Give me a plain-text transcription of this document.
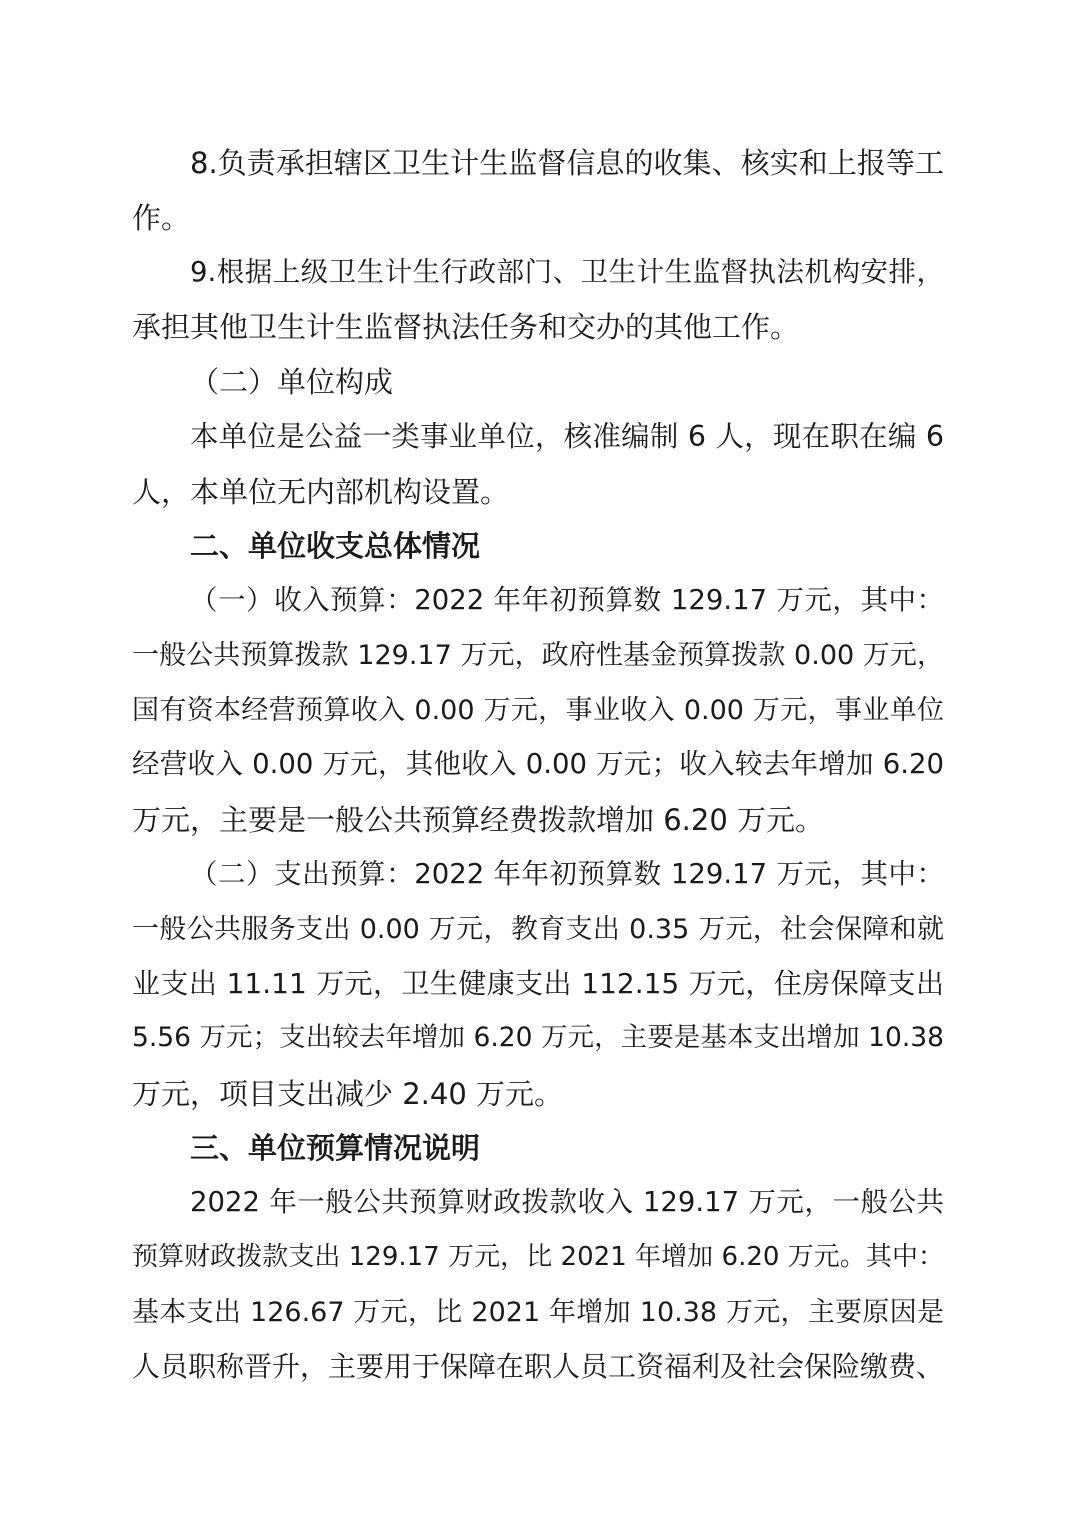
8.负责承担辖区卫生计生监督信息的收集、核实和上报等工
作。
9.根据上级卫生计生行政部门、卫生计生监督执法机构安排，
承担其他卫生计生监督执法任务和交办的其他工作。
（二）单位构成
本单位是公益一类事业单位，核准编制 6 人，现在职在编 6
人，本单位无内部机构设置。
二、单位收支总体情况
（一）收入预算：2022 年年初预算数 129.17 万元，其中：
一般公共预算拨款 129.17 万元，政府性基金预算拨款 0.00 万元，
国有资本经营预算收入 0.00 万元，事业收入 0.00 万元，事业单位
经营收入 0.00 万元，其他收入 0.00 万元；收入较去年增加 6.20
万元，主要是一般公共预算经费拨款增加 6.20 万元。
（二）支出预算：2022 年年初预算数 129.17 万元，其中：
一般公共服务支出 0.00 万元，教育支出 0.35 万元，社会保障和就
业支出 11.11 万元，卫生健康支出 112.15 万元，住房保障支出
5.56 万元；支出较去年增加 6.20 万元，主要是基本支出增加 10.38
万元，项目支出减少 2.40 万元。
三、单位预算情况说明
2022 年一般公共预算财政拨款收入 129.17 万元，一般公共
预算财政拨款支出 129.17 万元，比 2021 年增加 6.20 万元。其中：
基本支出 126.67 万元，比 2021 年增加 10.38 万元，主要原因是
人员职称晋升，主要用于保障在职人员工资福利及社会保险缴费、
